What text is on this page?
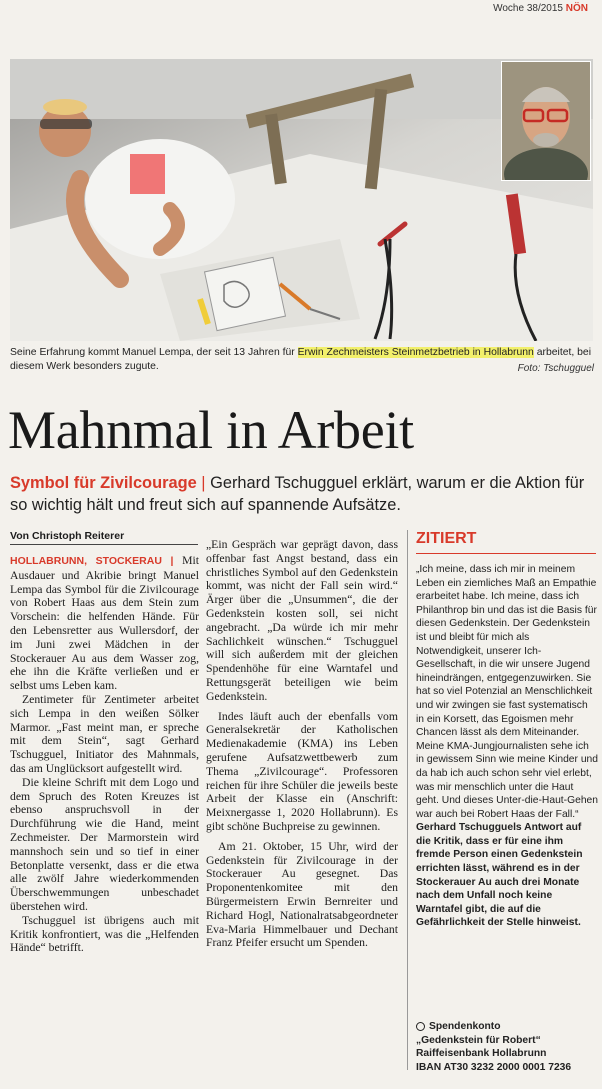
Woche 38/2015 NÖN
Seine Erfahrung kommt Manuel Lempa, der seit 13 Jahren für Erwin Zechmeisters Steinmetzbetrieb in Hollabrunn arbeitet, bei diesem Werk besonders zugute.	Foto: Tschugguel
Mahnmal in Arbeit
Symbol für Zivilcourage | Gerhard Tschugguel erklärt, warum er die Aktion für so wichtig hält und freut sich auf spannende Aufsätze.
Von Christoph Reiterer

HOLLABRUNN, STOCKERAU | Mit Ausdauer und Akribie bringt Manuel Lempa das Symbol für die Zivilcourage von Robert Haas aus dem Stein zum Vorschein: die helfenden Hände. Für den Lebensretter aus Wullersdorf, der im Juni zwei Mädchen in der Stockerauer Au aus dem Wasser zog, ehe ihn die Kräfte verließen und er selbst ums Leben kam.

Zentimeter für Zentimeter arbeitet sich Lempa in den weißen Sölker Marmor. „Fast meint man, er spreche mit dem Stein“, sagt Gerhard Tschugguel, Initiator des Mahnmals, das am Unglücksort aufgestellt wird.

Die kleine Schrift mit dem Logo und dem Spruch des Roten Kreuzes ist ebenso anspruchsvoll in der Durchführung wie die Hand, meint Zechmeister. Der Marmorstein wird mannshoch sein und so tief in einer Betonplatte versenkt, dass er die etwa alle zwölf Jahre wiederkommenden Überschwemmungen unbeschadet überstehen wird.

Tschugguel ist übrigens auch mit Kritik konfrontiert, was die „Helfenden Hände“ betrifft.

„Ein Gespräch war geprägt davon, dass offenbar fast Angst bestand, dass ein christliches Symbol auf den Gedenkstein kommt, was nicht der Fall sein wird.“ Ärger über die „Unsummen“, die der Gedenkstein kosten soll, sei nicht angebracht. „Da würde ich mir mehr Sachlichkeit wünschen.“ Tschugguel will sich außerdem mit der gleichen Spendenhöhe für eine Warntafel und Rettungsgerät beteiligen wie beim Gedenkstein.

Indes läuft auch der ebenfalls vom Generalsekretär der Katholischen Medienakademie (KMA) ins Leben gerufene Aufsatzwettbewerb zum Thema „Zivilcourage“. Professoren reichen für ihre Schüler die jeweils beste Arbeit der Klasse ein (Anschrift: Meixnergasse 1, 2020 Hollabrunn). Es gibt schöne Buchpreise zu gewinnen.

Am 21. Oktober, 15 Uhr, wird der Gedenkstein für Zivilcourage in der Stockerauer Au gesegnet. Das Proponentenkomitee mit den Bürgermeistern Erwin Bernreiter und Richard Hogl, Nationalratsabgeordneter Eva-Maria Himmelbauer und Dechant Franz Pfeifer ersucht um Spenden.

ZITIERT
„Ich meine, dass ich mir in meinem Leben ein ziemliches Maß an Empathie erarbeitet habe. Ich meine, dass ich Philanthrop bin und das ist die Basis für diesen Gedenkstein. Der Gedenkstein ist und bleibt für mich als Notwendigkeit, unserer Ich-Gesellschaft, in die wir unsere Jugend hineindrängen, entgegenzuwirken. Sie hat so viel Potenzial an Menschlichkeit und wir zwingen sie fast systematisch in ein Korsett, das Egoismen mehr Chancen lässt als dem Miteinander. Meine KMA-Jungjournalisten sehe ich in gewissem Sinn wie meine Kinder und da hab ich auch schon sehr viel erlebt, was mir menschlich unter die Haut geht. Und dieses Unter-die-Haut-Gehen war auch bei Robert Haas der Fall.“ Gerhard Tschugguels Antwort auf die Kritik, dass er für eine ihm fremde Person einen Gedenkstein errichten lässt, während es in der Stockerauer Au auch drei Monate nach dem Unfall noch keine Warntafel gibt, die auf die Gefährlichkeit der Stelle hinweist.
Spendenkonto
„Gedenkstein für Robert“
Raiffeisenbank Hollabrunn
IBAN AT30 3232 2000 0001 7236
